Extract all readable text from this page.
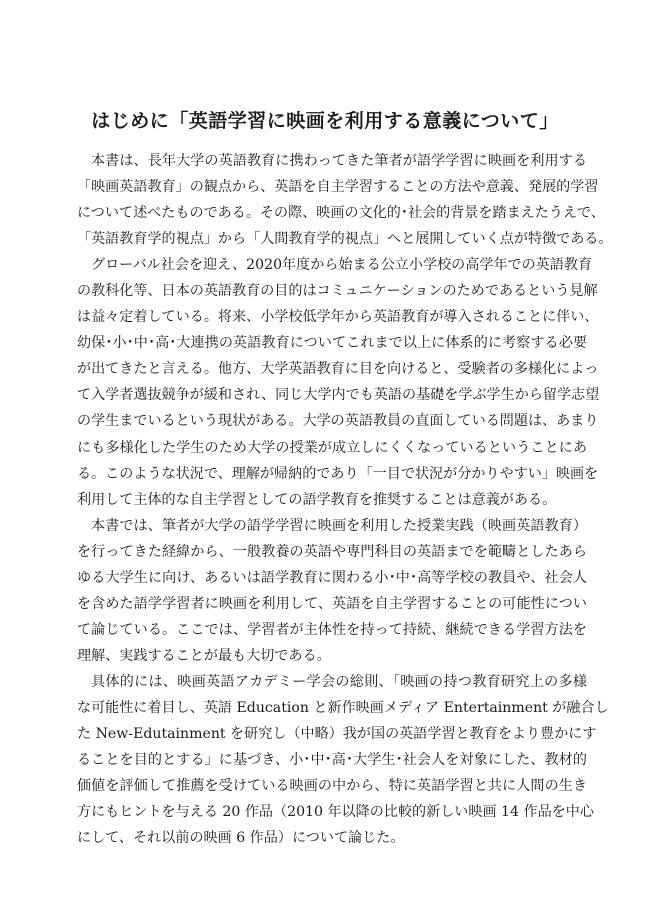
はじめに「英語学習に映画を利用する意義について」
本書は、長年大学の英語教育に携わってきた筆者が語学学習に映画を利用する
「映画英語教育」の観点から、英語を自主学習することの方法や意義、発展的学習
について述べたものである。その際、映画の文化的･社会的背景を踏まえたうえで、
「英語教育学的視点」から「人間教育学的視点」へと展開していく点が特徴である。
グローバル社会を迎え、2020年度から始まる公立小学校の高学年での英語教育
の教科化等、日本の英語教育の目的はコミュニケーションのためであるという見解
は益々定着している。将来、小学校低学年から英語教育が導入されることに伴い、
幼保･小･中･高･大連携の英語教育についてこれまで以上に体系的に考察する必要
が出てきたと言える。他方、大学英語教育に目を向けると、受験者の多様化によっ
て入学者選抜競争が緩和され、同じ大学内でも英語の基礎を学ぶ学生から留学志望
の学生までいるという現状がある。大学の英語教員の直面している問題は、あまり
にも多様化した学生のため大学の授業が成立しにくくなっているということにあ
る。このような状況で、理解が帰納的であり「一目で状況が分かりやすい」映画を
利用して主体的な自主学習としての語学教育を推奨することは意義がある。
本書では、筆者が大学の語学学習に映画を利用した授業実践（映画英語教育）
を行ってきた経緯から、一般教養の英語や専門科目の英語までを範疇としたあら
ゆる大学生に向け、あるいは語学教育に関わる小･中･高等学校の教員や、社会人
を含めた語学学習者に映画を利用して、英語を自主学習することの可能性につい
て論じている。ここでは、学習者が主体性を持って持続、継続できる学習方法を
理解、実践することが最も大切である。
具体的には、映画英語アカデミー学会の総則、「映画の持つ教育研究上の多様
な可能性に着目し、英語 Education と新作映画メディア Entertainment が融合し
た New-Edutainment を研究し（中略）我が国の英語学習と教育をより豊かにす
ることを目的とする」に基づき、小･中･高･大学生･社会人を対象にした、教材的
価値を評価して推薦を受けている映画の中から、特に英語学習と共に人間の生き
方にもヒントを与える 20 作品（2010 年以降の比較的新しい映画 14 作品を中心
にして、それ以前の映画 6 作品）について論じた。
